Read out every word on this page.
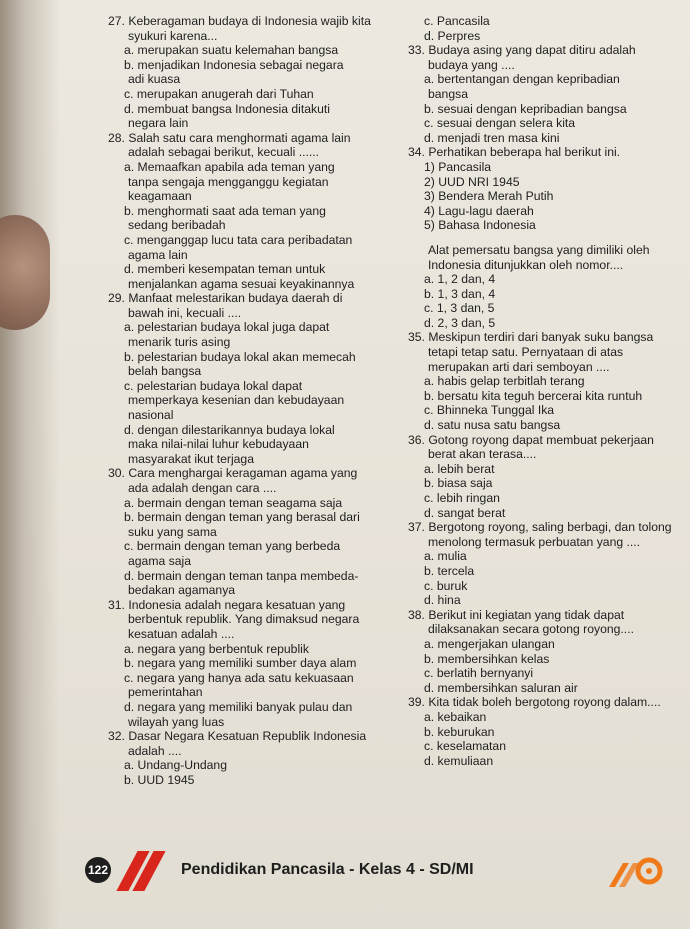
27. Keberagaman budaya di Indonesia wajib kita

syukuri karena...

a. merupakan suatu kelemahan bangsa

b. menjadikan Indonesia sebagai negara

adi kuasa

c. merupakan anugerah dari Tuhan

d. membuat bangsa Indonesia ditakuti

negara lain

28. Salah satu cara menghormati agama lain

adalah sebagai berikut, kecuali ......

a. Memaafkan apabila ada teman yang

tanpa sengaja mengganggu kegiatan

keagamaan

b. menghormati saat ada teman yang

sedang beribadah

c. menganggap lucu tata cara peribadatan

agama lain

d. memberi kesempatan teman untuk

menjalankan agama sesuai keyakinannya

29. Manfaat melestarikan budaya daerah di

bawah ini, kecuali ....

a. pelestarian budaya lokal juga dapat

menarik turis asing

b. pelestarian budaya lokal akan memecah

belah bangsa

c. pelestarian budaya lokal dapat

memperkaya kesenian dan kebudayaan

nasional

d. dengan dilestarikannya budaya lokal

maka nilai-nilai luhur kebudayaan

masyarakat ikut terjaga

30. Cara menghargai keragaman agama yang

ada adalah dengan cara ....

a. bermain dengan teman seagama saja

b. bermain dengan teman yang berasal dari

suku yang sama

c. bermain dengan teman yang berbeda

agama saja

d. bermain dengan teman tanpa membeda-

bedakan agamanya

31. Indonesia adalah negara kesatuan yang

berbentuk republik. Yang dimaksud negara

kesatuan adalah ....

a. negara yang berbentuk republik

b. negara yang memiliki sumber daya alam

c. negara yang hanya ada satu kekuasaan

pemerintahan

d. negara yang memiliki banyak pulau dan

wilayah yang luas

32. Dasar Negara Kesatuan Republik Indonesia

adalah ....

a. Undang-Undang

b. UUD 1945

c. Pancasila

d. Perpres

33. Budaya asing yang dapat ditiru adalah

budaya yang ....

a. bertentangan dengan kepribadian

bangsa

b. sesuai dengan kepribadian bangsa

c. sesuai dengan selera kita

d. menjadi tren masa kini

34. Perhatikan beberapa hal berikut ini.

1) Pancasila

2) UUD NRI 1945

3) Bendera Merah Putih

4) Lagu-lagu daerah

5) Bahasa Indonesia

Alat pemersatu bangsa yang dimiliki oleh

Indonesia ditunjukkan oleh nomor....

a. 1, 2 dan, 4

b. 1, 3 dan, 4

c. 1, 3 dan, 5

d. 2, 3 dan, 5

35. Meskipun terdiri dari banyak suku bangsa

tetapi tetap satu. Pernyataan di atas

merupakan arti dari semboyan ....

a. habis gelap terbitlah terang

b. bersatu kita teguh bercerai kita runtuh

c. Bhinneka Tunggal Ika

d. satu nusa satu bangsa

36. Gotong royong dapat membuat pekerjaan

berat akan terasa....

a. lebih berat

b. biasa saja

c. lebih ringan

d. sangat berat

37. Bergotong royong, saling berbagi, dan tolong

menolong termasuk perbuatan yang ....

a. mulia

b. tercela

c. buruk

d. hina

38. Berikut ini kegiatan yang tidak dapat

dilaksanakan secara gotong royong....

a. mengerjakan ulangan

b. membersihkan kelas

c. berlatih bernyanyi

d. membersihkan saluran air

39. Kita tidak boleh bergotong royong dalam....

a. kebaikan

b. keburukan

c. keselamatan

d. kemuliaan

122	Pendidikan Pancasila - Kelas 4 - SD/MI
